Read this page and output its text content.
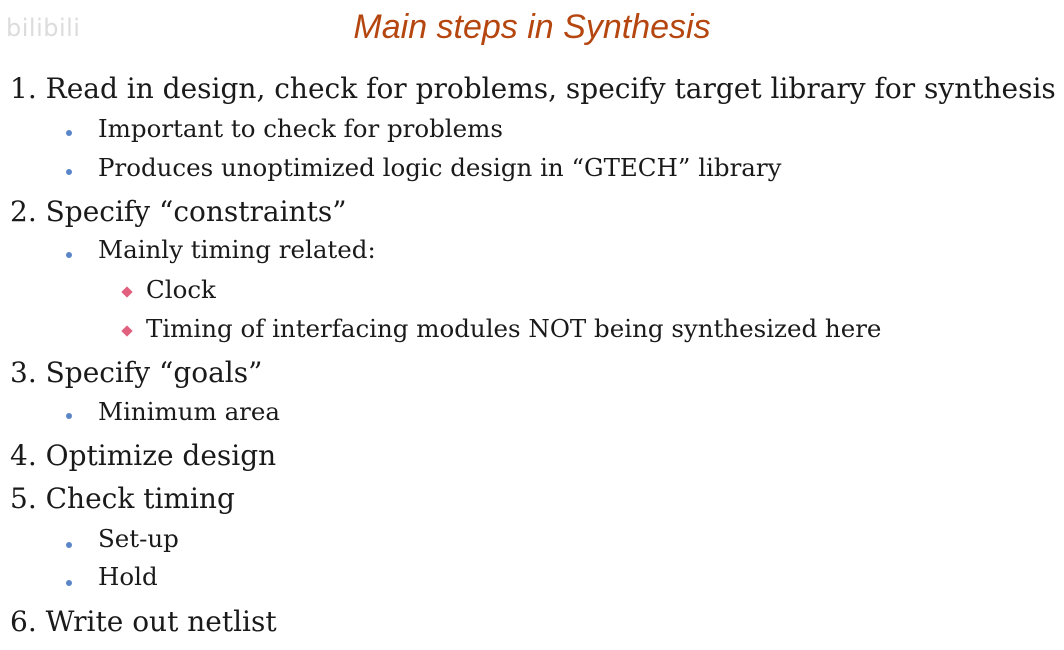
bilibili	Main steps in Synthesis
1. Read in design, check for problems, specify target library for synthesis
Important to check for problems
Produces unoptimized logic design in “GTECH” library
2. Specify “constraints”
Mainly timing related:
Clock
Timing of interfacing modules NOT being synthesized here
3. Specify “goals”
Minimum area
4. Optimize design
5. Check timing
Set-up
Hold
6. Write out netlist
